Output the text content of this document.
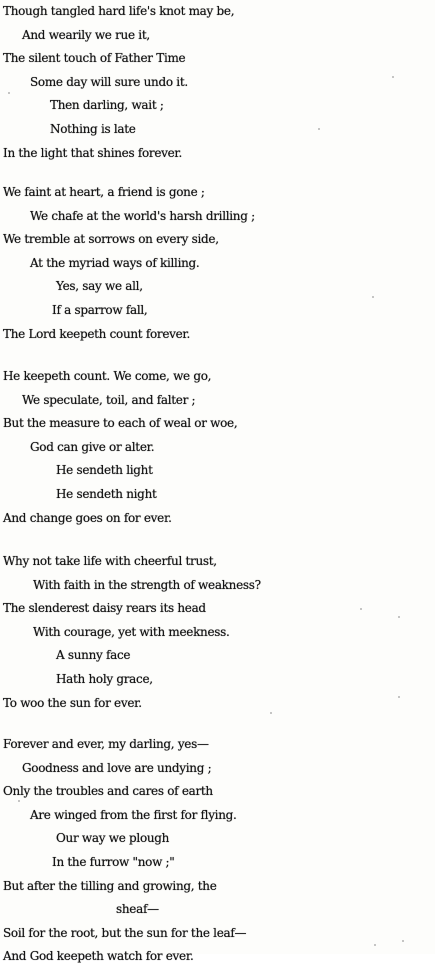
Though tangled hard life's knot may be,
And wearily we rue it,
The silent touch of Father Time
Some day will sure undo it.
Then darling, wait ;
Nothing is late
In the light that shines forever.
We faint at heart, a friend is gone ;
We chafe at the world's harsh drilling ;
We tremble at sorrows on every side,
At the myriad ways of killing.
Yes, say we all,
If a sparrow fall,
The Lord keepeth count forever.
He keepeth count. We come, we go,
We speculate, toil, and falter ;
But the measure to each of weal or woe,
God can give or alter.
He sendeth light
He sendeth night
And change goes on for ever.
Why not take life with cheerful trust,
With faith in the strength of weakness?
The slenderest daisy rears its head
With courage, yet with meekness.
A sunny face
Hath holy grace,
To woo the sun for ever.
Forever and ever, my darling, yes—
Goodness and love are undying ;
Only the troubles and cares of earth
Are winged from the first for flying.
Our way we plough
In the furrow "now ;"
But after the tilling and growing, the
sheaf—
Soil for the root, but the sun for the leaf—
And God keepeth watch for ever.
